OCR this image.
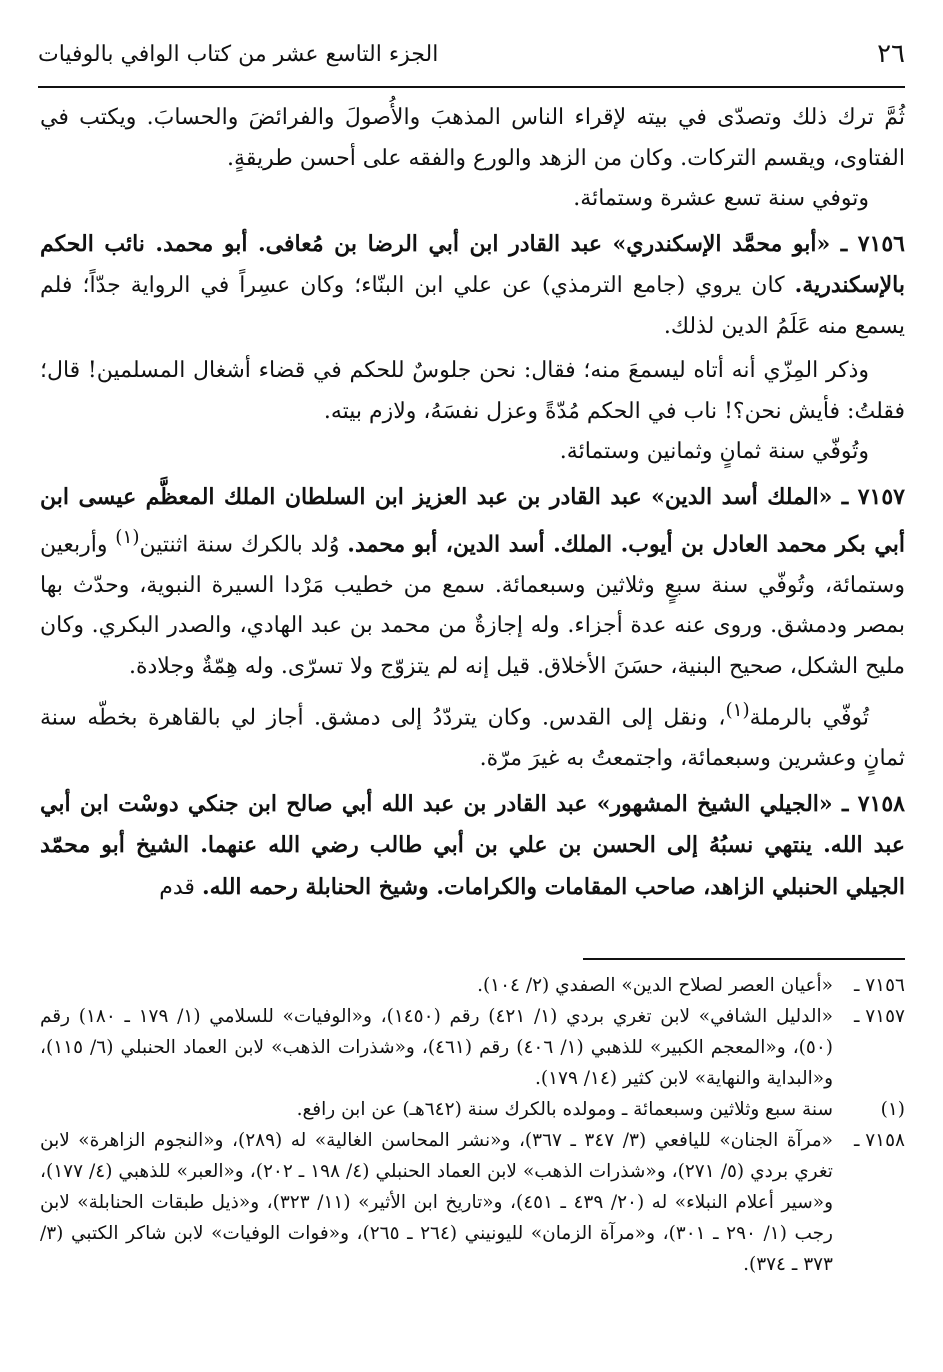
٢٦
الجزء التاسع عشر من كتاب الوافي بالوفيات

ثُمَّ ترك ذلك وتصدّى في بيته لإقراء الناس المذهبَ والأُصولَ والفرائضَ والحسابَ. ويكتب في الفتاوى، ويقسم التركات. وكان من الزهد والورع والفقه على أحسن طريقةٍ.

وتوفي سنة تسع عشرة وستمائة.

٧١٥٦ ـ «أبو محمَّد الإسكندري» عبد القادر ابن أبي الرضا بن مُعافى. أبو محمد. نائب الحكم بالإسكندرية. كان يروي (جامع الترمذي) عن علي ابن البنّاء؛ وكان عسِراً في الرواية جدّاً؛ فلم يسمع منه عَلَمُ الدين لذلك.

وذكر المِزّي أنه أتاه ليسمعَ منه؛ فقال: نحن جلوسٌ للحكم في قضاء أشغال المسلمين! قال؛ فقلتُ: فأيش نحن؟! ناب في الحكم مُدّةً وعزل نفسَهُ، ولازم بيته.

وتُوفّي سنة ثمانٍ وثمانين وستمائة.

٧١٥٧ ـ «الملك أسد الدين» عبد القادر بن عبد العزيز ابن السلطان الملك المعظَّم عيسى ابن أبي بكر محمد العادل بن أيوب. الملك. أسد الدين، أبو محمد. وُلد بالكرك سنة اثنتين$^{(١)}$ وأربعين وستمائة، وتُوفّي سنة سبعٍ وثلاثين وسبعمائة. سمع من خطيب مَرْدا السيرة النبوية، وحدّث بها بمصر ودمشق. وروى عنه عدة أجزاء. وله إجازةٌ من محمد بن عبد الهادي، والصدر البكري. وكان مليح الشكل، صحيح البنية، حسَنَ الأخلاق. قيل إنه لم يتزوّج ولا تسرّى. وله هِمّةٌ وجلادة.

تُوفّي بالرملة$^{(١)}$، ونقل إلى القدس. وكان يتردّدُ إلى دمشق. أجاز لي بالقاهرة بخطّه سنة ثمانٍ وعشرين وسبعمائة، واجتمعتُ به غيرَ مرّة.

٧١٥٨ ـ «الجيلي الشيخ المشهور» عبد القادر بن عبد الله أبي صالح ابن جنكي دوسْت ابن أبي عبد الله. ينتهي نسبُهُ إلى الحسن بن علي بن أبي طالب رضي الله عنهما. الشيخ أبو محمّد الجيلي الحنبلي الزاهد، صاحب المقامات والكرامات. وشيخ الحنابلة رحمه الله. قدم

٧١٥٦ ـ
«أعيان العصر لصلاح الدين» الصفدي (٢/ ١٠٤).
٧١٥٧ ـ
«الدليل الشافي» لابن تغري بردي (١/ ٤٢١) رقم (١٤٥٠)، و«الوفيات» للسلامي (١/ ١٧٩ ـ ١٨٠) رقم (٥٠)، و«المعجم الكبير» للذهبي (١/ ٤٠٦) رقم (٤٦١)، و«شذرات الذهب» لابن العماد الحنبلي (٦/ ١١٥)، و«البداية والنهاية» لابن كثير (١٤/ ١٧٩).
(١)
سنة سبع وثلاثين وسبعمائة ـ ومولده بالكرك سنة (٦٤٢هـ) عن ابن رافع.
٧١٥٨ ـ
«مرآة الجنان» لليافعي (٣/ ٣٤٧ ـ ٣٦٧)، و«نشر المحاسن الغالية» له (٢٨٩)، و«النجوم الزاهرة» لابن تغري بردي (٥/ ٢٧١)، و«شذرات الذهب» لابن العماد الحنبلي (٤/ ١٩٨ ـ ٢٠٢)، و«العبر» للذهبي (٤/ ١٧٧)، و«سير أعلام النبلاء» له (٢٠/ ٤٣٩ ـ ٤٥١)، و«تاريخ ابن الأثير» (١١/ ٣٢٣)، و«ذيل طبقات الحنابلة» لابن رجب (١/ ٢٩٠ ـ ٣٠١)، و«مرآة الزمان» لليونيني (٢٦٤ ـ ٢٦٥)، و«فوات الوفيات» لابن شاكر الكتبي (٣/ ٣٧٣ ـ ٣٧٤).
